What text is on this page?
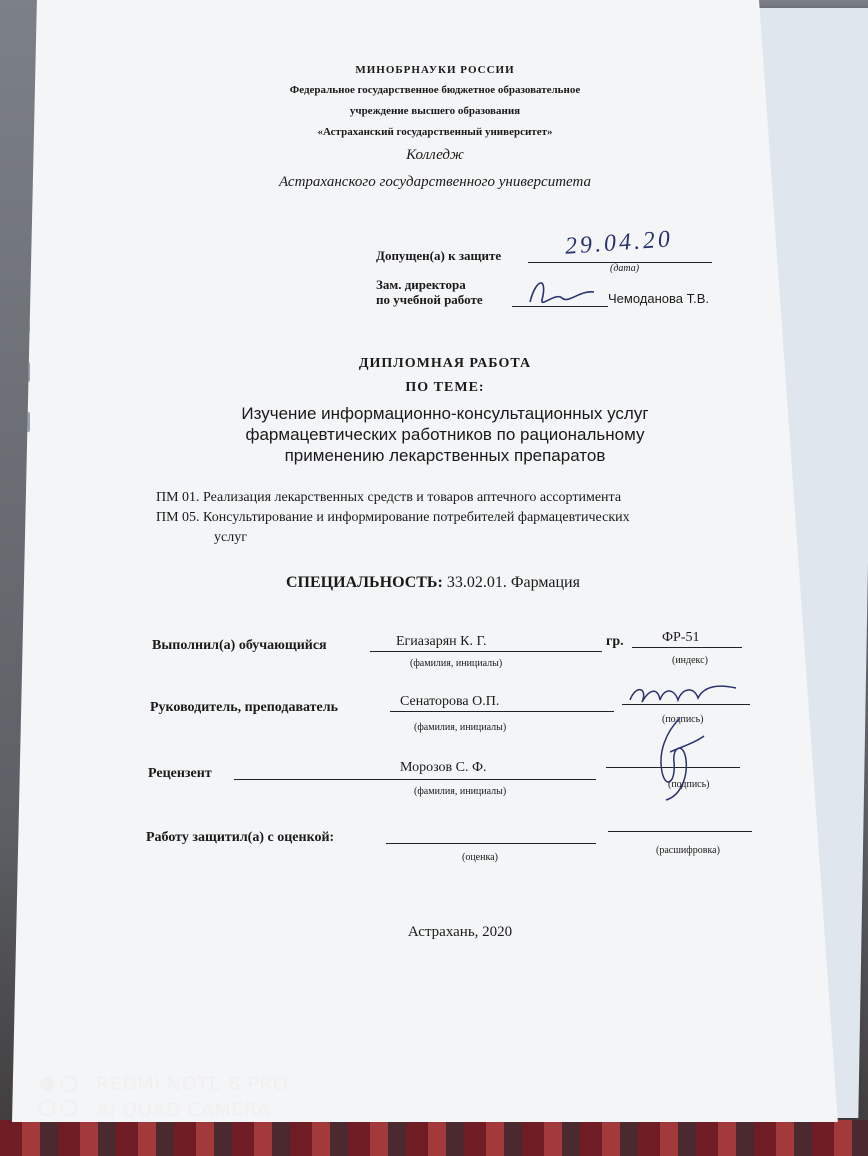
МИНОБРНАУКИ РОССИИ
Федеральное государственное бюджетное образовательное
учреждение высшего образования
«Астраханский государственный университет»
Колледж
Астраханского государственного университета
Допущен(а) к защите	29.04.20
(дата)
Зам. директора
по учебной работе	Чемоданова Т.В.
ДИПЛОМНАЯ РАБОТА
ПО ТЕМЕ:
Изучение информационно-консультационных услуг
фармацевтических работников по рациональному
применению лекарственных препаратов
ПМ 01. Реализация лекарственных средств и товаров аптечного ассортимента
ПМ 05. Консультирование и информирование потребителей фармацевтических
услуг
СПЕЦИАЛЬНОСТЬ: 33.02.01. Фармация
Выполнил(а) обучающийся	Егиазарян К. Г.
(фамилия, инициалы)
гр.	ФР-51
(индекс)
Руководитель, преподаватель	Сенаторова О.П.
(фамилия, инициалы)
(подпись)
Рецензент	Морозов С. Ф.
(фамилия, инициалы)
(подпись)
Работу защитил(а) с оценкой:
(оценка)
(расшифровка)
Астрахань, 2020
REDMI NOTE 8 PRO
AI QUAD CAMERA
